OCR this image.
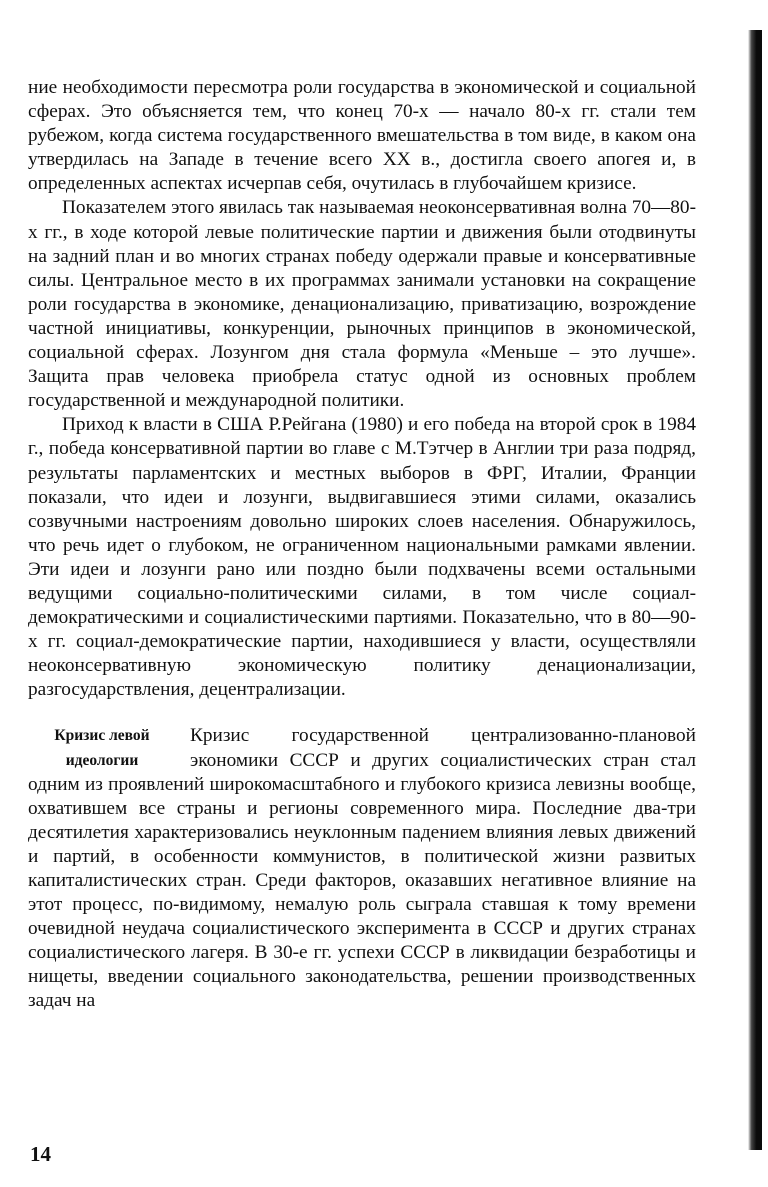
ние необходимости пересмотра роли государства в экономической и социальной сферах. Это объясняется тем, что конец 70-х — начало 80-х гг. стали тем рубежом, когда система государственного вмешательства в том виде, в каком она утвердилась на Западе в течение всего XX в., достигла своего апогея и, в определенных аспектах исчерпав себя, очутилась в глубочайшем кризисе.

Показателем этого явилась так называемая неоконсервативная волна 70—80-х гг., в ходе которой левые политические партии и движения были отодвинуты на задний план и во многих странах победу одержали правые и консервативные силы. Центральное место в их программах занимали установки на сокращение роли государства в экономике, денационализацию, приватизацию, возрождение частной инициативы, конкуренции, рыночных принципов в экономической, социальной сферах. Лозунгом дня стала формула «Меньше – это лучше». Защита прав человека приобрела статус одной из основных проблем государственной и международной политики.

Приход к власти в США Р.Рейгана (1980) и его победа на второй срок в 1984 г., победа консервативной партии во главе с М.Тэтчер в Англии три раза подряд, результаты парламентских и местных выборов в ФРГ, Италии, Франции показали, что идеи и лозунги, выдвигавшиеся этими силами, оказались созвучными настроениям довольно широких слоев населения. Обнаружилось, что речь идет о глубоком, не ограниченном национальными рамками явлении. Эти идеи и лозунги рано или поздно были подхвачены всеми остальными ведущими социально-политическими силами, в том числе социал-демократическими и социалистическими партиями. Показательно, что в 80—90-х гг. социал-демократические партии, находившиеся у власти, осуществляли неоконсервативную экономическую политику денационализации, разгосударствления, децентрализации.

Кризис левой
идеологии

Кризис государственной централизованно-плановой экономики СССР и других социалистических стран стал одним из проявлений широкомасштабного и глубокого кризиса левизны вообще, охватившем все страны и регионы современного мира. Последние два-три десятилетия характеризовались неуклонным падением влияния левых движений и партий, в особенности коммунистов, в политической жизни развитых капиталистических стран. Среди факторов, оказавших негативное влияние на этот процесс, по-видимому, немалую роль сыграла ставшая к тому времени очевидной неудача социалистического эксперимента в СССР и других странах социалистического лагеря. В 30-е гг. успехи СССР в ликвидации безработицы и нищеты, введении социального законодательства, решении производственных задач на

14
